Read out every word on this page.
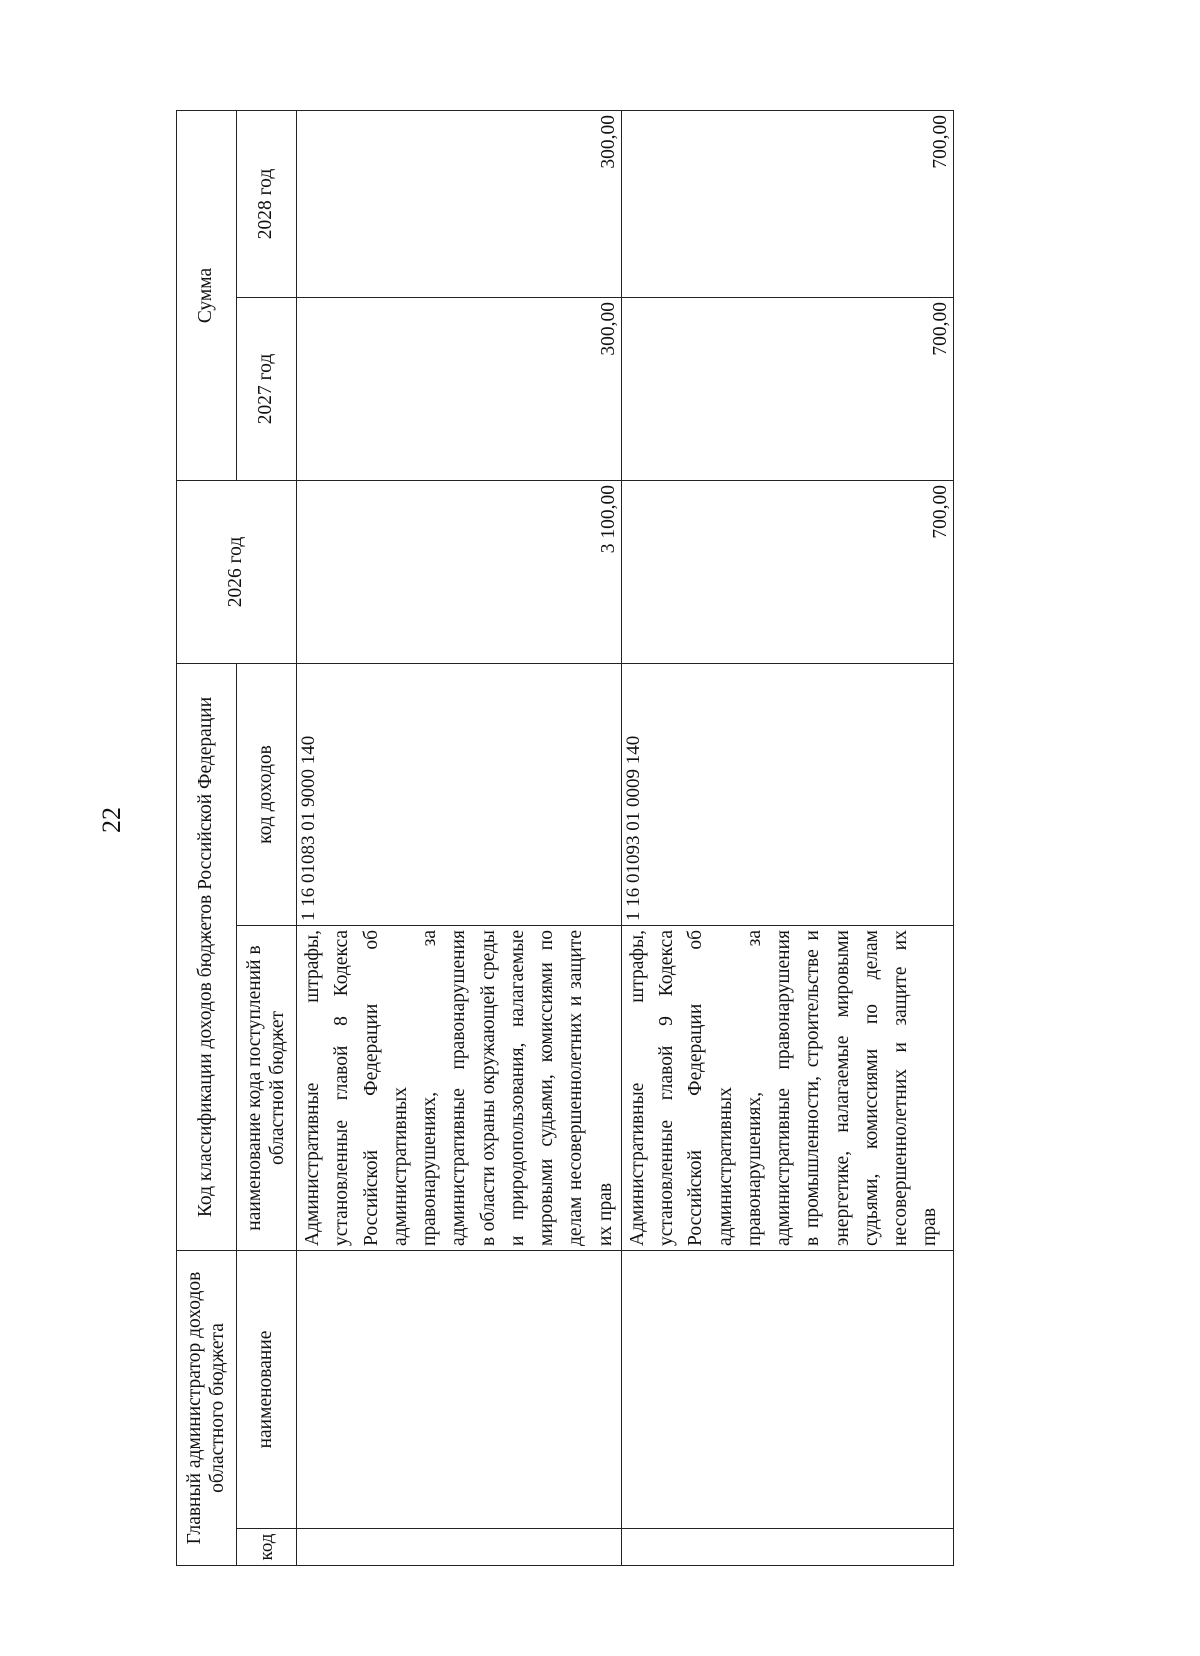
22
Главный администратор доходов областного бюджета		Код классификации доходов бюджетов Российской Федерации		2026 год	Сумма	
код	наименование	наименование кода поступлений в областной бюджет	код доходов		2027 год	2028 год
		Административные штрафы, установленные главой 8 Кодекса Российской Федерации об административных правонарушениях, за административные правонарушения в области охраны окружающей среды и природопользования, налагаемые мировыми судьями, комиссиями по делам несовершеннолетних и защите их прав	1 16 01083 01 9000 140	3 100,00	300,00	300,00
		Административные штрафы, установленные главой 9 Кодекса Российской Федерации об административных правонарушениях, за административные правонарушения в промышленности, строительстве и энергетике, налагаемые мировыми судьями, комиссиями по делам несовершеннолетних и защите их прав	1 16 01093 01 0009 140	700,00	700,00	700,00
